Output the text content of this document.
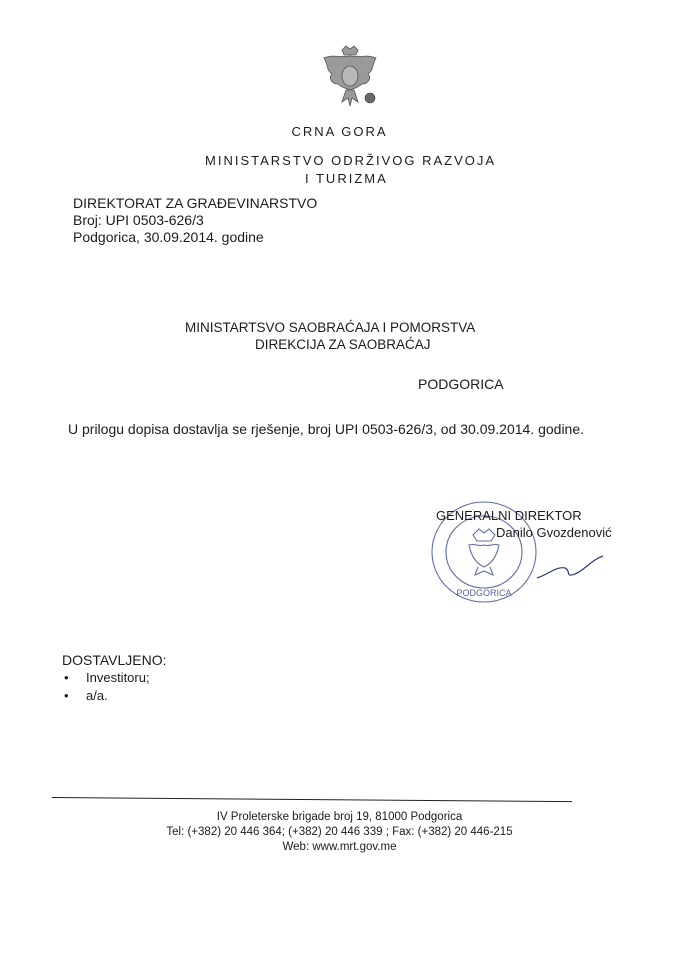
CRNA GORA
MINISTARSTVO ODRŽIVOG RAZVOJA
I TURIZMA
DIREKTORAT ZA GRAĐEVINARSTVO
Broj: UPI 0503-626/3
Podgorica, 30.09.2014. godine
MINISTARTSVO SAOBRAĆAJA I POMORSTVA
DIREKCIJA ZA SAOBRAĆAJ
PODGORICA
U prilogu dopisa dostavlja se rješenje, broj UPI 0503-626/3, od 30.09.2014. godine.
PODGORICA
GENERALNI DIREKTOR
Danilo Gvozdenović
DOSTAVLJENO:
• Investitoru;
• a/a.
IV Proleterske brigade broj 19, 81000 Podgorica
Tel: (+382) 20 446 364; (+382) 20 446 339 ; Fax: (+382) 20 446-215
Web: www.mrt.gov.me
